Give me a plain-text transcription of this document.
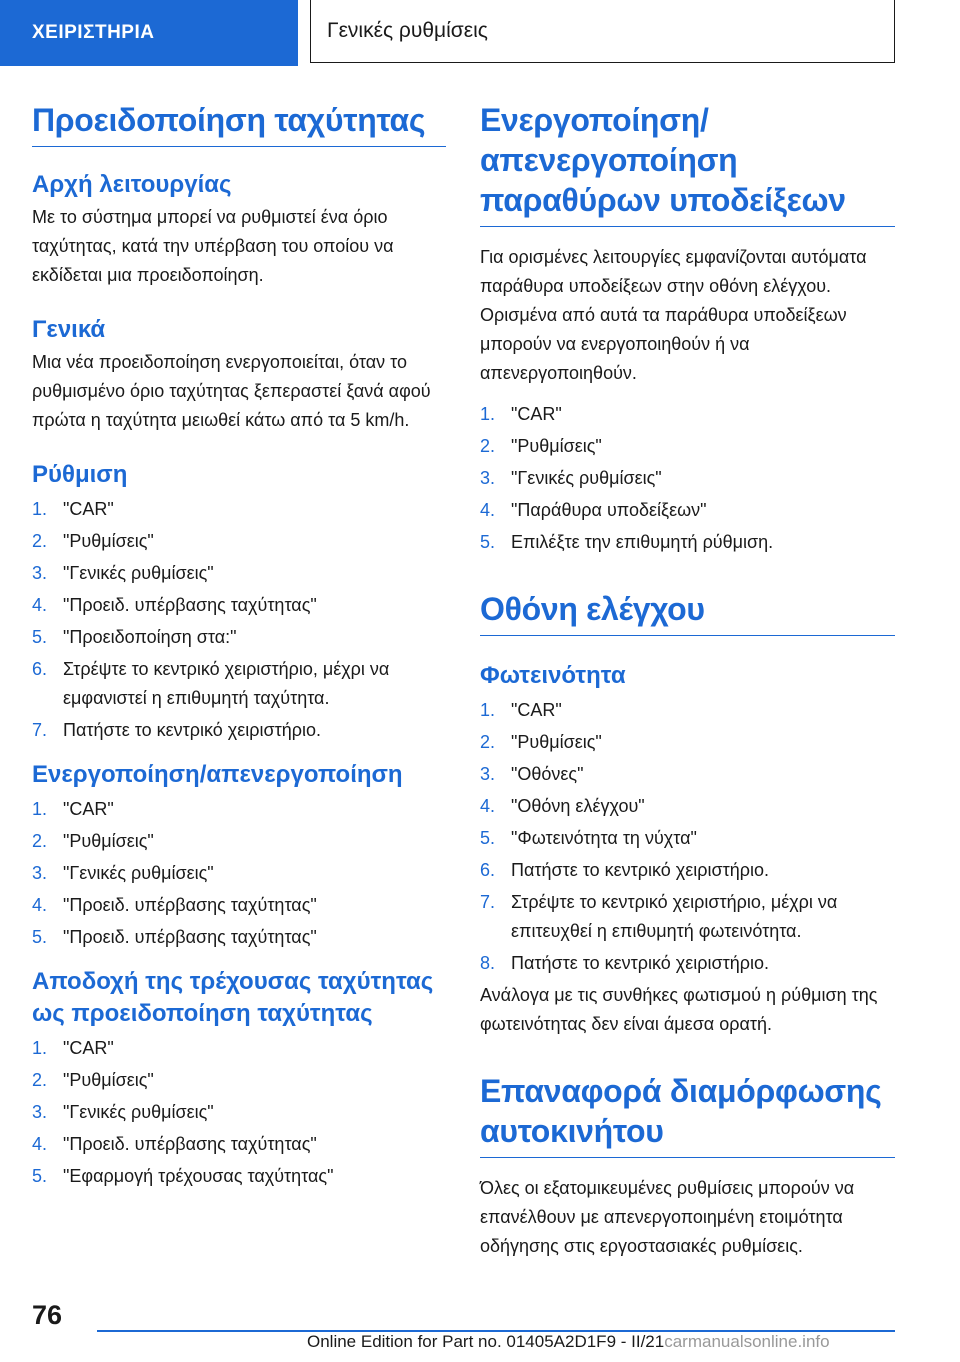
ΧΕΙΡΙΣΤΗΡΙΑ	Γενικές ρυθμίσεις
Προειδοποίηση ταχύτητας
Αρχή λειτουργίας

Με το σύστημα μπορεί να ρυθμιστεί ένα όριο ταχύτητας, κατά την υπέρβαση του οποίου να εκδίδεται μια προειδοποίηση.

Γενικά

Μια νέα προειδοποίηση ενεργοποιείται, όταν το ρυθμισμένο όριο ταχύτητας ξεπεραστεί ξανά αφού πρώτα η ταχύτητα μειωθεί κάτω από τα 5 km/h.

Ρύθμιση
1. "CAR"
2. "Ρυθμίσεις"
3. "Γενικές ρυθμίσεις"
4. "Προειδ. υπέρβασης ταχύτητας"
5. "Προειδοποίηση στα:"
6. Στρέψτε το κεντρικό χειριστήριο, μέχρι να εμφανιστεί η επιθυμητή ταχύτητα.
7. Πατήστε το κεντρικό χειριστήριο.
Ενεργοποίηση/απενεργοποίηση
1. "CAR"
2. "Ρυθμίσεις"
3. "Γενικές ρυθμίσεις"
4. "Προειδ. υπέρβασης ταχύτητας"
5. "Προειδ. υπέρβασης ταχύτητας"
Αποδοχή της τρέχουσας ταχύτητας ως προειδοποίηση ταχύτητας
1. "CAR"
2. "Ρυθμίσεις"
3. "Γενικές ρυθμίσεις"
4. "Προειδ. υπέρβασης ταχύτητας"
5. "Εφαρμογή τρέχουσας ταχύτητας"
Ενεργοποίηση/ απενεργοποίηση παραθύρων υποδείξεων

Για ορισμένες λειτουργίες εμφανίζονται αυτόματα παράθυρα υποδείξεων στην οθόνη ελέγχου. Ορισμένα από αυτά τα παράθυρα υποδείξεων μπορούν να ενεργοποιηθούν ή να απενεργοποιηθούν.

1. "CAR"
2. "Ρυθμίσεις"
3. "Γενικές ρυθμίσεις"
4. "Παράθυρα υποδείξεων"
5. Επιλέξτε την επιθυμητή ρύθμιση.
Οθόνη ελέγχου
Φωτεινότητα
1. "CAR"
2. "Ρυθμίσεις"
3. "Οθόνες"
4. "Οθόνη ελέγχου"
5. "Φωτεινότητα τη νύχτα"
6. Πατήστε το κεντρικό χειριστήριο.
7. Στρέψτε το κεντρικό χειριστήριο, μέχρι να επιτευχθεί η επιθυμητή φωτεινότητα.
8. Πατήστε το κεντρικό χειριστήριο.

Ανάλογα με τις συνθήκες φωτισμού η ρύθμιση της φωτεινότητας δεν είναι άμεσα ορατή.

Επαναφορά διαμόρφωσης αυτοκινήτου

Όλες οι εξατομικευμένες ρυθμίσεις μπορούν να επανέλθουν με απενεργοποιημένη ετοιμότητα οδήγησης στις εργοστασιακές ρυθμίσεις.

76
Online Edition for Part no. 01405A2D1F9 - II/21carmanualsonline.info
